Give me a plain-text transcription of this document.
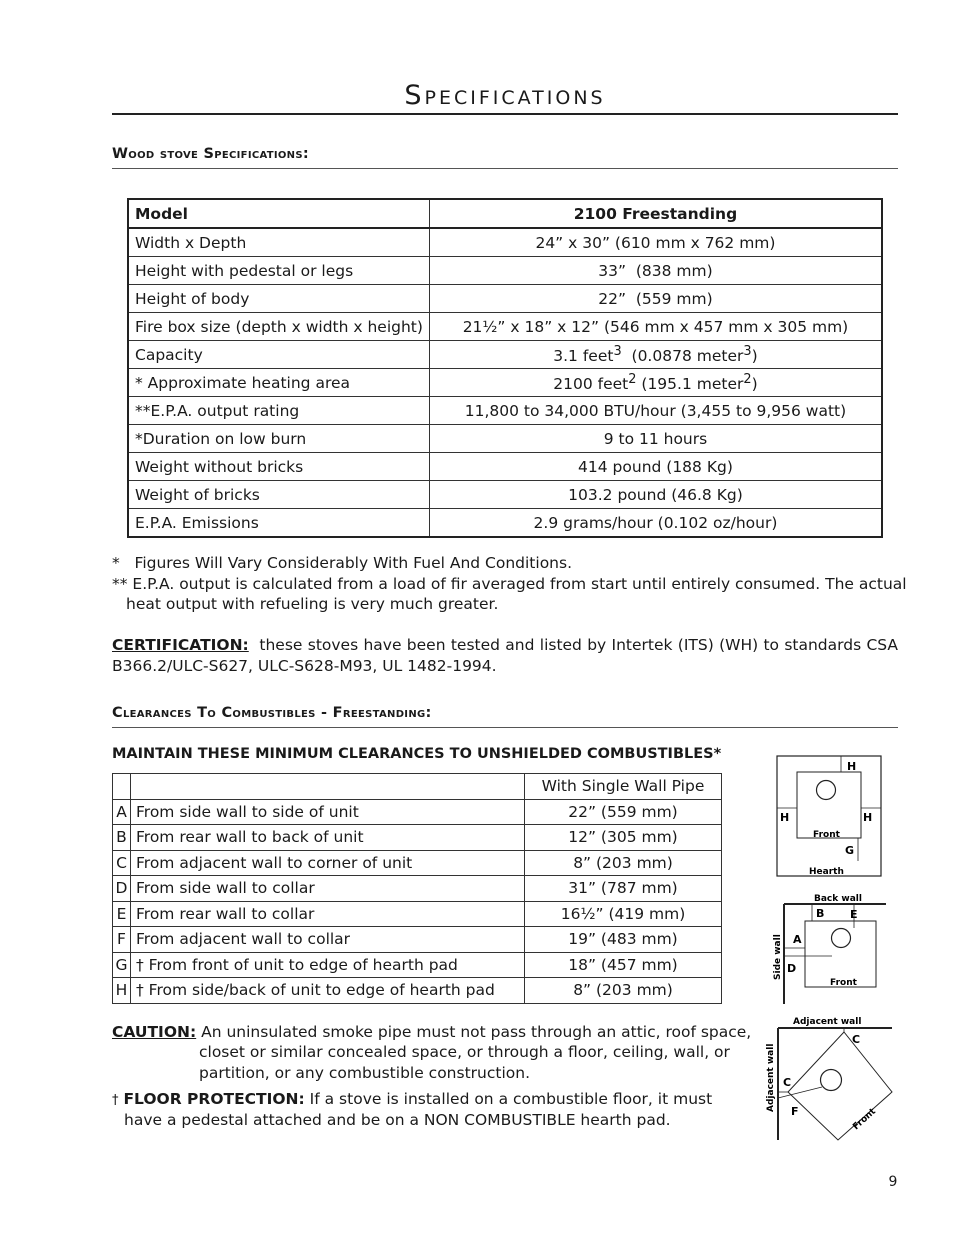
Specifications
Wood stove Specifications:
Model	2100 Freestanding
Width x Depth	24” x 30” (610 mm x 762 mm)
Height with pedestal or legs	33”  (838 mm)
Height of body	22”  (559 mm)
Fire box size (depth x width x height)	21½” x 18” x 12” (546 mm x 457 mm x 305 mm)
Capacity	3.1 feet$^3$  (0.0878 meter$^3$)
* Approximate heating area	2100 feet$^2$ (195.1 meter$^2$)
**E.P.A. output rating	11,800 to 34,000 BTU/hour (3,455 to 9,956 watt)
*Duration on low burn	9 to 11 hours
Weight without bricks	414 pound (188 Kg)
Weight of bricks	103.2 pound (46.8 Kg)
E.P.A. Emissions	2.9 grams/hour (0.102 oz/hour)
*   Figures Will Vary Considerably With Fuel And Conditions.
** E.P.A. output is calculated from a load of fir averaged from start until entirely consumed. The actual
heat output with refueling is very much greater.
CERTIFICATION: these stoves have been tested and listed by Intertek (ITS) (WH) to standards CSA
B366.2/ULC-S627, ULC-S628-M93, UL 1482-1994.
Clearances To Combustibles - Freestanding:
MAINTAIN THESE MINIMUM CLEARANCES TO UNSHIELDED COMBUSTIBLES*
		With Single Wall Pipe
A	From side wall to side of unit	22” (559 mm)
B	From rear wall to back of unit	12” (305 mm)
C	From adjacent wall to corner of unit	8” (203 mm)
D	From side wall to collar	31” (787 mm)
E	From rear wall to collar	16½” (419 mm)
F	From adjacent wall to collar	19” (483 mm)
G	† From front of unit to edge of hearth pad	18” (457 mm)
H	† From side/back of unit to edge of hearth pad	8” (203 mm)
CAUTION: An uninsulated smoke pipe must not pass through an attic, roof space,
closet or similar concealed space, or through a floor, ceiling, wall, or
partition, or any combustible construction.
† FLOOR PROTECTION: If a stove is installed on a combustible floor, it must
have a pedestal attached and be on a NON COMBUSTIBLE hearth pad.
H
H	H
Front
G
Hearth
Back wall
B E
A
D
Front
Side wall
Adjacent wall
C
C
F	Front
Adjacent wall
9
